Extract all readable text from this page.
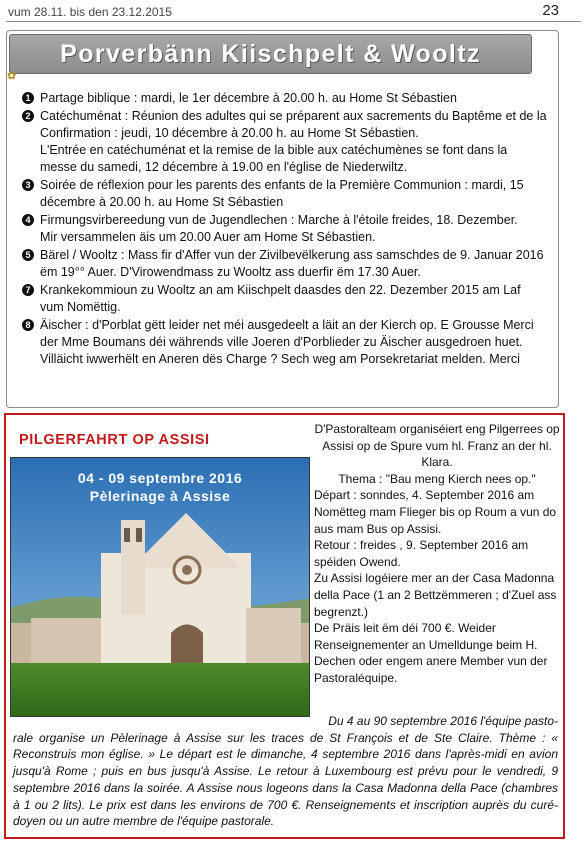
vum 28.11. bis den 23.12.2015	23
Porverbänn Kiischpelt & Wooltz
✿
1 Partage biblique : mardi, le 1er décembre à 20.00 h. au Home St Sébastien

2 Catéchuménat : Réunion des adultes qui se préparent aux sacrements du Baptême et de la Confirmation : jeudi, 10 décembre à 20.00 h. au Home St Sébastien.

L'Entrée en catéchuménat et la remise de la bible aux catéchumènes se font dans la messe du samedi, 12 décembre à 19.00 en l'église de Niederwiltz.

3 Soirée de réflexion pour les parents des enfants de la Première Communion : mardi, 15 décembre à 20.00 h. au Home St Sébastien

4 Firmungsvirbereedung vun de Jugendlechen : Marche à l'étoile freides, 18. Dezember.

Mir versammelen äis um 20.00 Auer am Home St Sébastien.

5 Bärel / Wooltz : Mass fir d'Affer vun der Zivilbevëlkerung ass samschdes de 9. Januar 2016 ëm 19°° Auer. D'Virowendmass zu Wooltz ass duerfir ëm 17.30 Auer.

7 Krankekommioun zu Wooltz an am Kiischpelt daasdes den 22. Dezember 2015 am Laf vum Nomëttig.

8 Äischer : d'Porblat gëtt leider net méi ausgedeelt a läit an der Kierch op. E Grousse Merci der Mme Boumans déi währends ville Joeren d'Porblieder zu Äischer ausgedroen huet. Villäicht iwwerhëlt en Aneren dës Charge ? Sech weg am Porsekretariat melden. Merci

PILGERFAHRT OP ASSISI
04 - 09 septembre 2016
Pèlerinage à Assise

D'Pastoralteam organiséiert eng Pilgerrees op Assisi op de Spure vum hl. Franz an der hl. Klara.

Thema : "Bau meng Kierch nees op."

Départ : sonndes, 4. September 2016 am Nomëtteg mam Flieger bis op Roum a vun do aus mam Bus op Assisi.

Retour : freides , 9. September 2016 am spéiden Owend.

Zu Assisi logéiere mer an der Casa Madonna della Pace (1 an 2 Bettzëmmeren ; d'Zuel ass begrenzt.)

De Präis leit ëm déi 700 €. Weider Renseignementer an Umelldunge beim H. Dechen oder engem anere Member vun der Pastoraléquipe.

Du 4 au 90 septembre 2016 l'équipe pasto-
rale organise un Pèlerinage à Assise sur les traces de St François et de Ste Claire. Thème : « Reconstruis mon église. » Le départ est le dimanche, 4 septembre 2016 dans l'après-midi en avion jusqu'à Rome ; puis en bus jusqu'à Assise. Le retour à Luxembourg est prévu pour le vendredi, 9 septembre 2016 dans la soirée. A Assise nous logeons dans la Casa Madonna della Pace (chambres à 1 ou 2 lits). Le prix est dans les environs de 700 €. Renseignements et inscription auprès du curé-doyen ou un autre membre de l'équipe pastorale.
